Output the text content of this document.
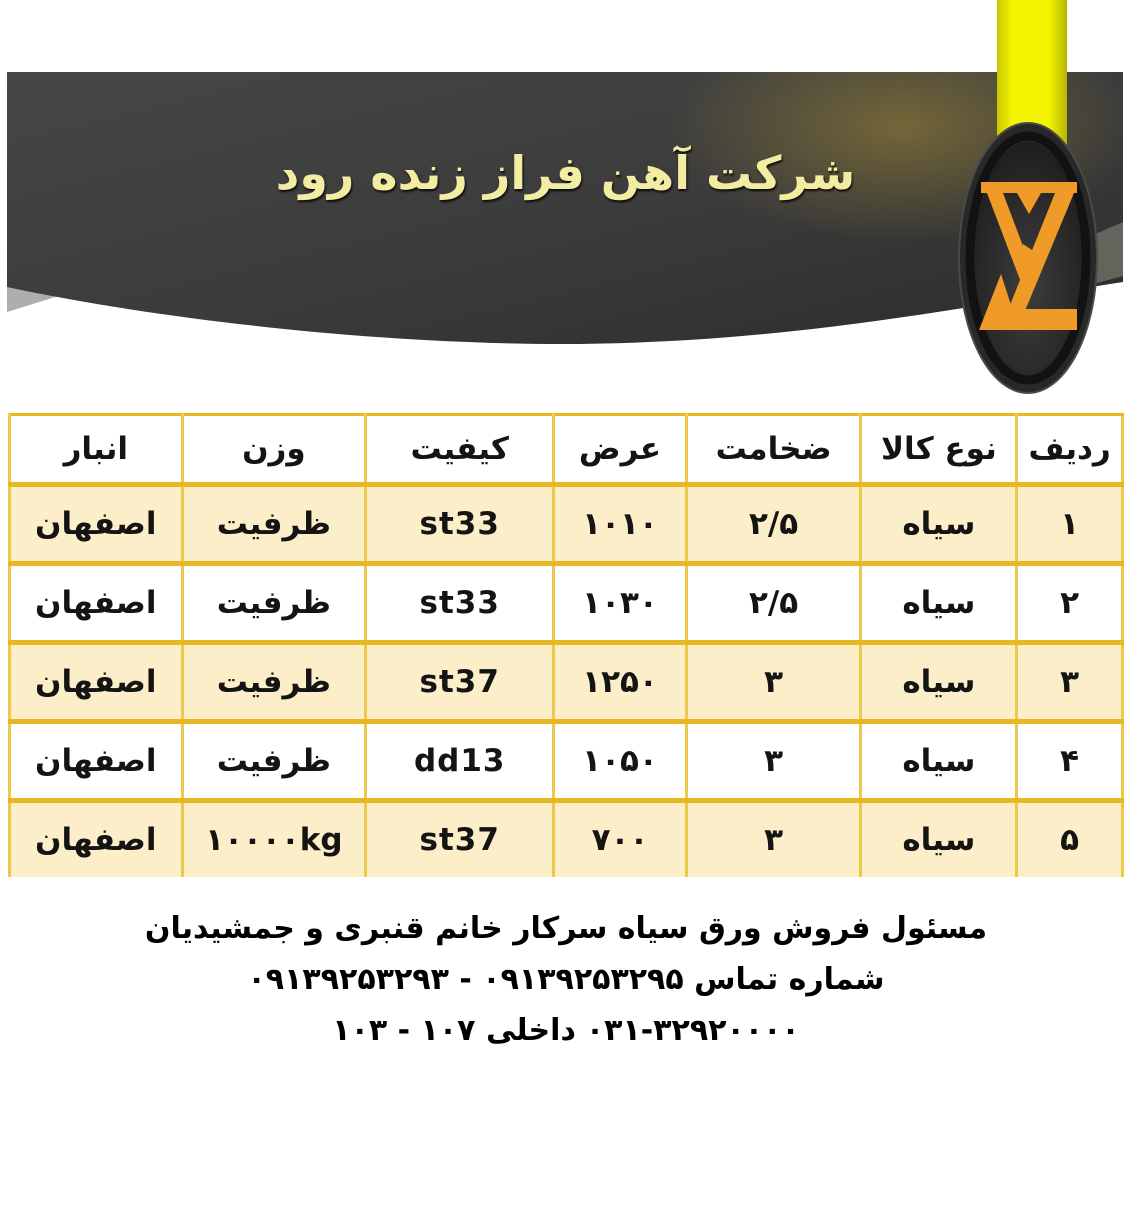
شرکت آهن فراز زنده رود
ردیف	نوع کالا	ضخامت	عرض	کیفیت	وزن	انبار
۱	سیاه	۲/۵	۱۰۱۰	st33	ظرفیت	اصفهان
۲	سیاه	۲/۵	۱۰۳۰	st33	ظرفیت	اصفهان
۳	سیاه	۳	۱۲۵۰	st37	ظرفیت	اصفهان
۴	سیاه	۳	۱۰۵۰	dd13	ظرفیت	اصفهان
۵	سیاه	۳	۷۰۰	st37	۱۰۰۰۰kg	اصفهان
مسئول فروش ورق سیاه سرکار خانم قنبری و جمشیدیان
شماره تماس ۰۹۱۳۹۲۵۳۲۹۵ - ۰۹۱۳۹۲۵۳۲۹۳
۰۳۱-۳۲۹۲۰۰۰۰داخلی ۱۰۷ - ۱۰۳
